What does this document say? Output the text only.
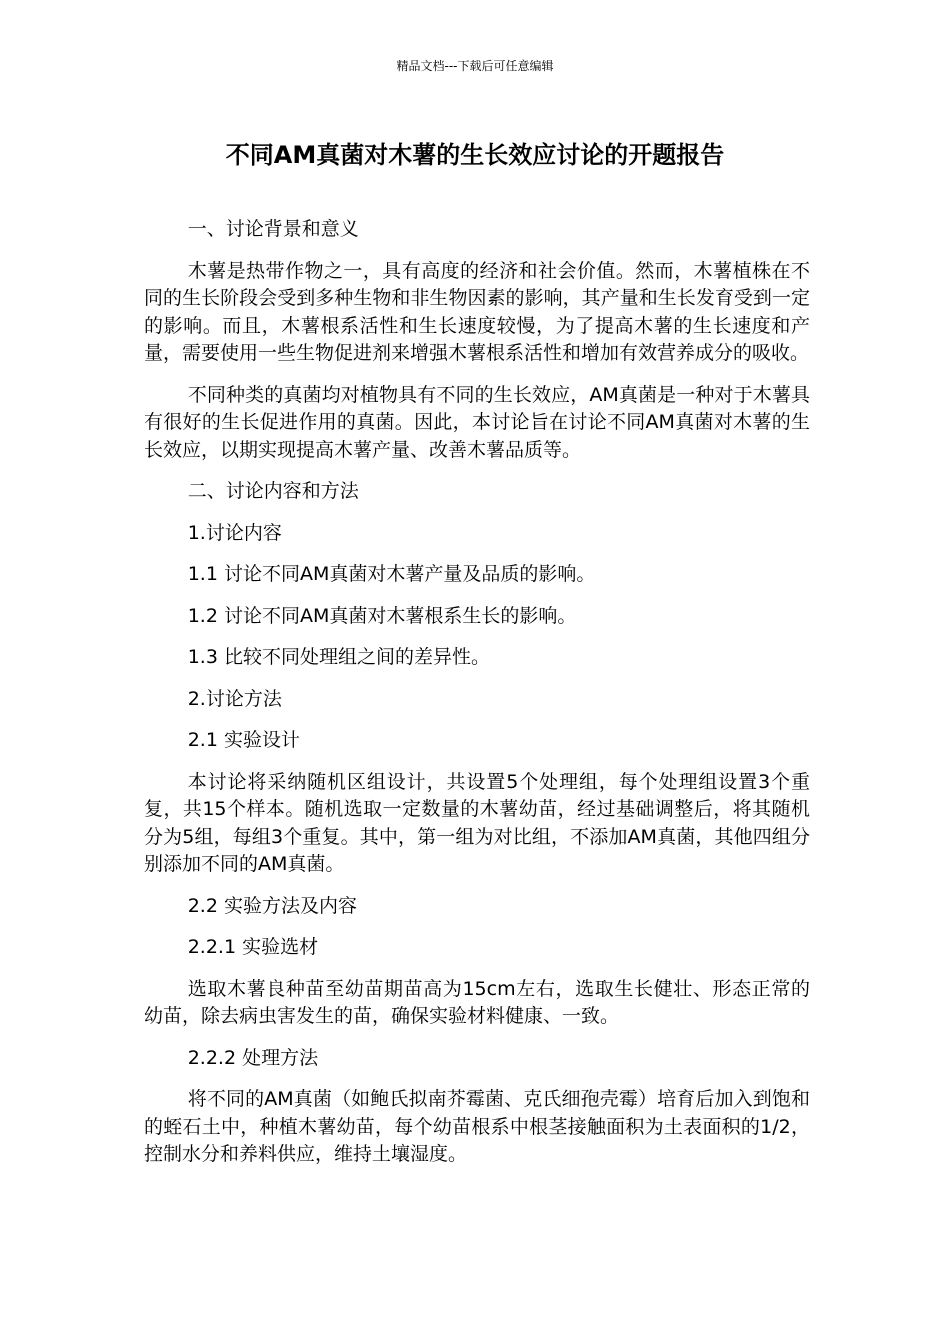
精品文档---下载后可任意编辑
不同AM真菌对木薯的生长效应讨论的开题报告

一、讨论背景和意义

木薯是热带作物之一，具有高度的经济和社会价值。然而，木薯植株在不同的生长阶段会受到多种生物和非生物因素的影响，其产量和生长发育受到一定的影响。而且，木薯根系活性和生长速度较慢，为了提高木薯的生长速度和产量，需要使用一些生物促进剂来增强木薯根系活性和增加有效营养成分的吸收。

不同种类的真菌均对植物具有不同的生长效应，AM真菌是一种对于木薯具有很好的生长促进作用的真菌。因此，本讨论旨在讨论不同AM真菌对木薯的生长效应，以期实现提高木薯产量、改善木薯品质等。

二、讨论内容和方法

1.讨论内容

1.1 讨论不同AM真菌对木薯产量及品质的影响。

1.2 讨论不同AM真菌对木薯根系生长的影响。

1.3 比较不同处理组之间的差异性。

2.讨论方法

2.1 实验设计

本讨论将采纳随机区组设计，共设置5个处理组，每个处理组设置3个重复，共15个样本。随机选取一定数量的木薯幼苗，经过基础调整后，将其随机分为5组，每组3个重复。其中，第一组为对比组，不添加AM真菌，其他四组分别添加不同的AM真菌。

2.2 实验方法及内容

2.2.1 实验选材

选取木薯良种苗至幼苗期苗高为15cm左右，选取生长健壮、形态正常的幼苗，除去病虫害发生的苗，确保实验材料健康、一致。

2.2.2 处理方法

将不同的AM真菌（如鲍氏拟南芥霉菌、克氏细孢壳霉）培育后加入到饱和的蛭石土中，种植木薯幼苗，每个幼苗根系中根茎接触面积为土表面积的1/2，控制水分和养料供应，维持土壤湿度。
